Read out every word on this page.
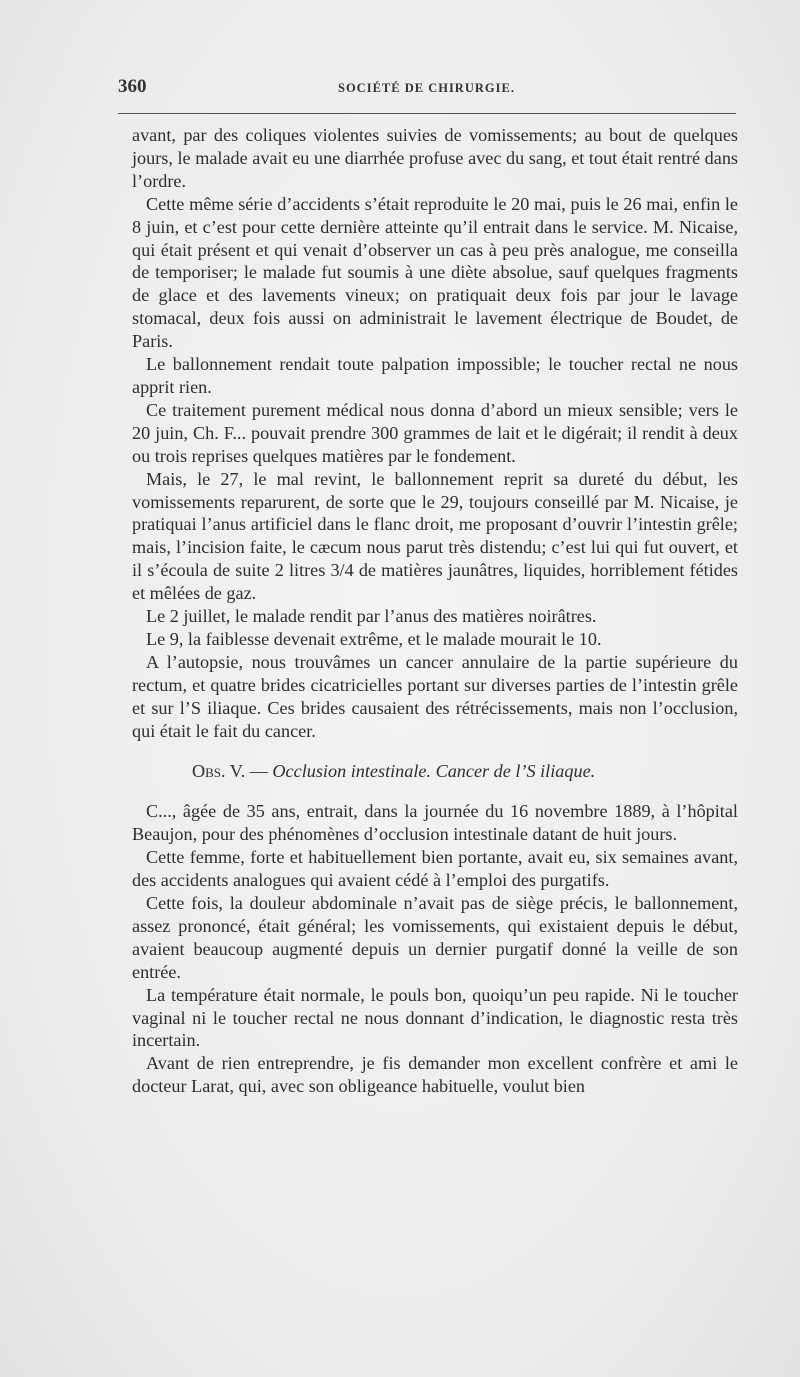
360	SOCIÉTÉ DE CHIRURGIE.

avant, par des coliques violentes suivies de vomissements; au bout de quelques jours, le malade avait eu une diarrhée profuse avec du sang, et tout était rentré dans l’ordre.

Cette même série d’accidents s’était reproduite le 20 mai, puis le 26 mai, enfin le 8 juin, et c’est pour cette dernière atteinte qu’il entrait dans le service. M. Nicaise, qui était présent et qui venait d’observer un cas à peu près analogue, me conseilla de temporiser; le malade fut soumis à une diète absolue, sauf quelques fragments de glace et des lavements vineux; on pratiquait deux fois par jour le lavage stomacal, deux fois aussi on administrait le lavement électrique de Boudet, de Paris.

Le ballonnement rendait toute palpation impossible; le toucher rectal ne nous apprit rien.

Ce traitement purement médical nous donna d’abord un mieux sensible; vers le 20 juin, Ch. F... pouvait prendre 300 grammes de lait et le digérait; il rendit à deux ou trois reprises quelques matières par le fondement.

Mais, le 27, le mal revint, le ballonnement reprit sa dureté du début, les vomissements reparurent, de sorte que le 29, toujours conseillé par M. Nicaise, je pratiquai l’anus artificiel dans le flanc droit, me proposant d’ouvrir l’intestin grêle; mais, l’incision faite, le cæcum nous parut très distendu; c’est lui qui fut ouvert, et il s’écoula de suite 2 litres 3/4 de matières jaunâtres, liquides, horriblement fétides et mêlées de gaz.

Le 2 juillet, le malade rendit par l’anus des matières noirâtres.

Le 9, la faiblesse devenait extrême, et le malade mourait le 10.

A l’autopsie, nous trouvâmes un cancer annulaire de la partie supérieure du rectum, et quatre brides cicatricielles portant sur diverses parties de l’intestin grêle et sur l’S iliaque. Ces brides causaient des rétrécissements, mais non l’occlusion, qui était le fait du cancer.

Obs. V. — Occlusion intestinale. Cancer de l’S iliaque.

C..., âgée de 35 ans, entrait, dans la journée du 16 novembre 1889, à l’hôpital Beaujon, pour des phénomènes d’occlusion intestinale datant de huit jours.

Cette femme, forte et habituellement bien portante, avait eu, six semaines avant, des accidents analogues qui avaient cédé à l’emploi des purgatifs.

Cette fois, la douleur abdominale n’avait pas de siège précis, le ballonnement, assez prononcé, était général; les vomissements, qui existaient depuis le début, avaient beaucoup augmenté depuis un dernier purgatif donné la veille de son entrée.

La température était normale, le pouls bon, quoiqu’un peu rapide. Ni le toucher vaginal ni le toucher rectal ne nous donnant d’indication, le diagnostic resta très incertain.

Avant de rien entreprendre, je fis demander mon excellent confrère et ami le docteur Larat, qui, avec son obligeance habituelle, voulut bien
